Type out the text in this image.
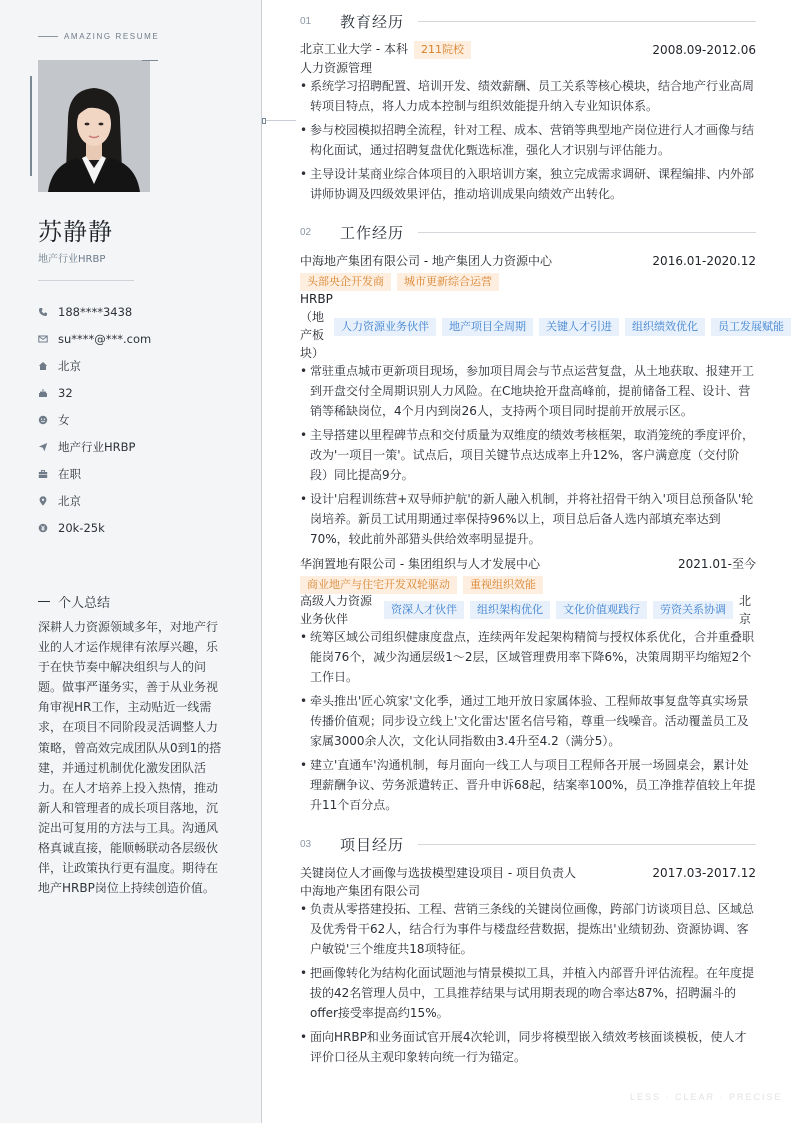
AMAZING RESUME
苏静静
地产行业HRBP
188****3438
su****@***.com
北京
32
女
地产行业HRBP
在职
北京
20k-25k
个人总结
深耕人力资源领域多年，对地产行业的人才运作规律有浓厚兴趣，乐于在快节奏中解决组织与人的问题。做事严谨务实，善于从业务视角审视HR工作，主动贴近一线需求，在项目不同阶段灵活调整人力策略，曾高效完成团队从0到1的搭建，并通过机制优化激发团队活力。在人才培养上投入热情，推动新人和管理者的成长项目落地，沉淀出可复用的方法与工具。沟通风格真诚直接，能顺畅联动各层级伙伴，让政策执行更有温度。期待在地产HRBP岗位上持续创造价值。
01	教育经历
北京工业大学 - 本科 211院校	2008.09-2012.06
人力资源管理
• 系统学习招聘配置、培训开发、绩效薪酬、员工关系等核心模块，结合地产行业高周转项目特点，将人力成本控制与组织效能提升纳入专业知识体系。
• 参与校园模拟招聘全流程，针对工程、成本、营销等典型地产岗位进行人才画像与结构化面试，通过招聘复盘优化甄选标准，强化人才识别与评估能力。
• 主导设计某商业综合体项目的入职培训方案，独立完成需求调研、课程编排、内外部讲师协调及四级效果评估，推动培训成果向绩效产出转化。
02	工作经历
中海地产集团有限公司 - 地产集团人力资源中心	2016.01-2020.12
头部央企开发商	城市更新综合运营
HRBP（地产板块）
人力资源业务伙伴	地产项目全周期	关键人才引进	组织绩效优化	员工发展赋能
• 常驻重点城市更新项目现场，参加项目周会与节点运营复盘，从土地获取、报建开工到开盘交付全周期识别人力风险。在C地块抢开盘高峰前，提前储备工程、设计、营销等稀缺岗位，4个月内到岗26人，支持两个项目同时提前开放展示区。
• 主导搭建以里程碑节点和交付质量为双维度的绩效考核框架，取消笼统的季度评价，改为'一项目一策'。试点后，项目关键节点达成率上升12%，客户满意度（交付阶段）同比提高9分。
• 设计'启程训练营+双导师护航'的新人融入机制，并将社招骨干纳入'项目总预备队'轮岗培养。新员工试用期通过率保持96%以上，项目总后备人选内部填充率达到70%，较此前外部猎头供给效率明显提升。
华润置地有限公司 - 集团组织与人才发展中心	2021.01-至今
商业地产与住宅开发双轮驱动	重视组织效能
高级人力资源业务伙伴
资深人才伙伴	组织架构优化	文化价值观践行	劳资关系协调
北京
• 统筹区域公司组织健康度盘点，连续两年发起架构精简与授权体系优化，合并重叠职能岗76个，减少沟通层级1～2层，区域管理费用率下降6%，决策周期平均缩短2个工作日。
• 牵头推出'匠心筑家'文化季，通过工地开放日家属体验、工程师故事复盘等真实场景传播价值观；同步设立线上'文化雷达'匿名信号箱，尊重一线噪音。活动覆盖员工及家属3000余人次，文化认同指数由3.4升至4.2（满分5）。
• 建立'直通车'沟通机制，每月面向一线工人与项目工程师各开展一场圆桌会，累计处理薪酬争议、劳务派遣转正、晋升申诉68起，结案率100%，员工净推荐值较上年提升11个百分点。
03	项目经历
关键岗位人才画像与选拔模型建设项目 - 项目负责人	2017.03-2017.12
中海地产集团有限公司
• 负责从零搭建投拓、工程、营销三条线的关键岗位画像，跨部门访谈项目总、区域总及优秀骨干62人，结合行为事件与楼盘经营数据，提炼出'业绩韧劲、资源协调、客户敏锐'三个维度共18项特征。
• 把画像转化为结构化面试题池与情景模拟工具，并植入内部晋升评估流程。在年度提拔的42名管理人员中，工具推荐结果与试用期表现的吻合率达87%，招聘漏斗的offer接受率提高约15%。
• 面向HRBP和业务面试官开展4次轮训，同步将模型嵌入绩效考核面谈模板，使人才评价口径从主观印象转向统一行为锚定。
LESS · CLEAR · PRECISE
